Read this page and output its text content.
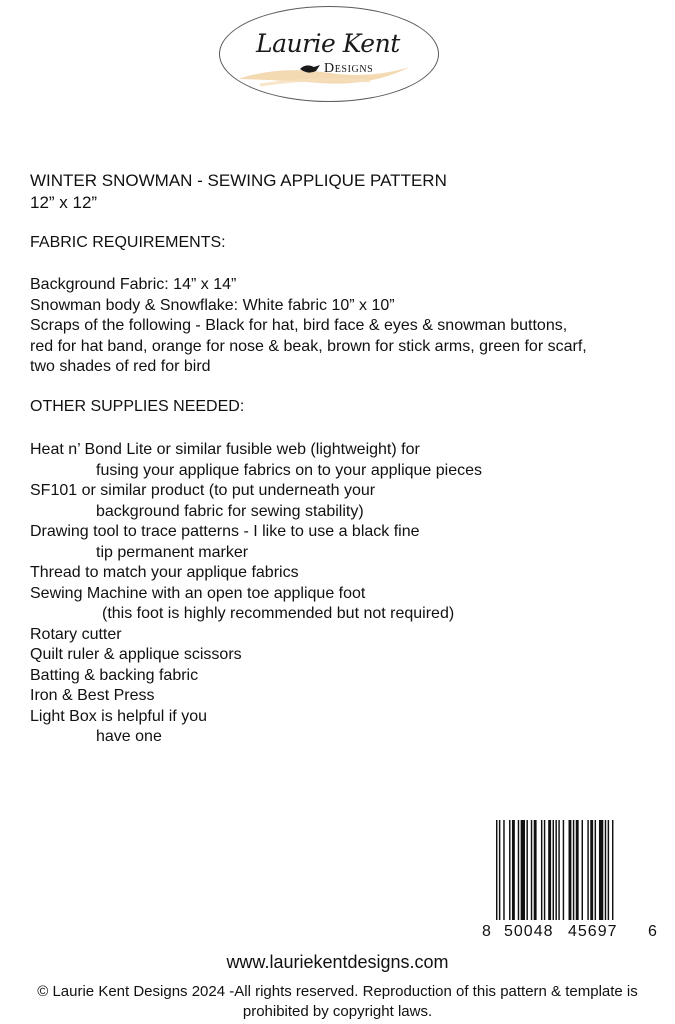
Laurie Kent
Designs
WINTER SNOWMAN - SEWING APPLIQUE PATTERN
12” x 12”
FABRIC REQUIREMENTS:
Background Fabric: 14” x 14”
Snowman body & Snowflake: White fabric 10” x 10”
Scraps of the following - Black for hat, bird face & eyes & snowman buttons,
red for hat band, orange for nose & beak, brown for stick arms, green for scarf,
two shades of red for bird
OTHER SUPPLIES NEEDED:
Heat n’ Bond Lite or similar fusible web (lightweight) for
fusing your applique fabrics on to your applique pieces
SF101 or similar product (to put underneath your
background fabric for sewing stability)
Drawing tool to trace patterns - I like to use a black fine
tip permanent marker
Thread to match your applique fabrics
Sewing Machine with an open toe applique foot
(this foot is highly recommended but not required)
Rotary cutter
Quilt ruler & applique scissors
Batting & backing fabric
Iron & Best Press
Light Box is helpful if you
have one
8 50048 45697 6
www.lauriekentdesigns.com
© Laurie Kent Designs 2024 -All rights reserved. Reproduction of this pattern & template is
prohibited by copyright laws.
